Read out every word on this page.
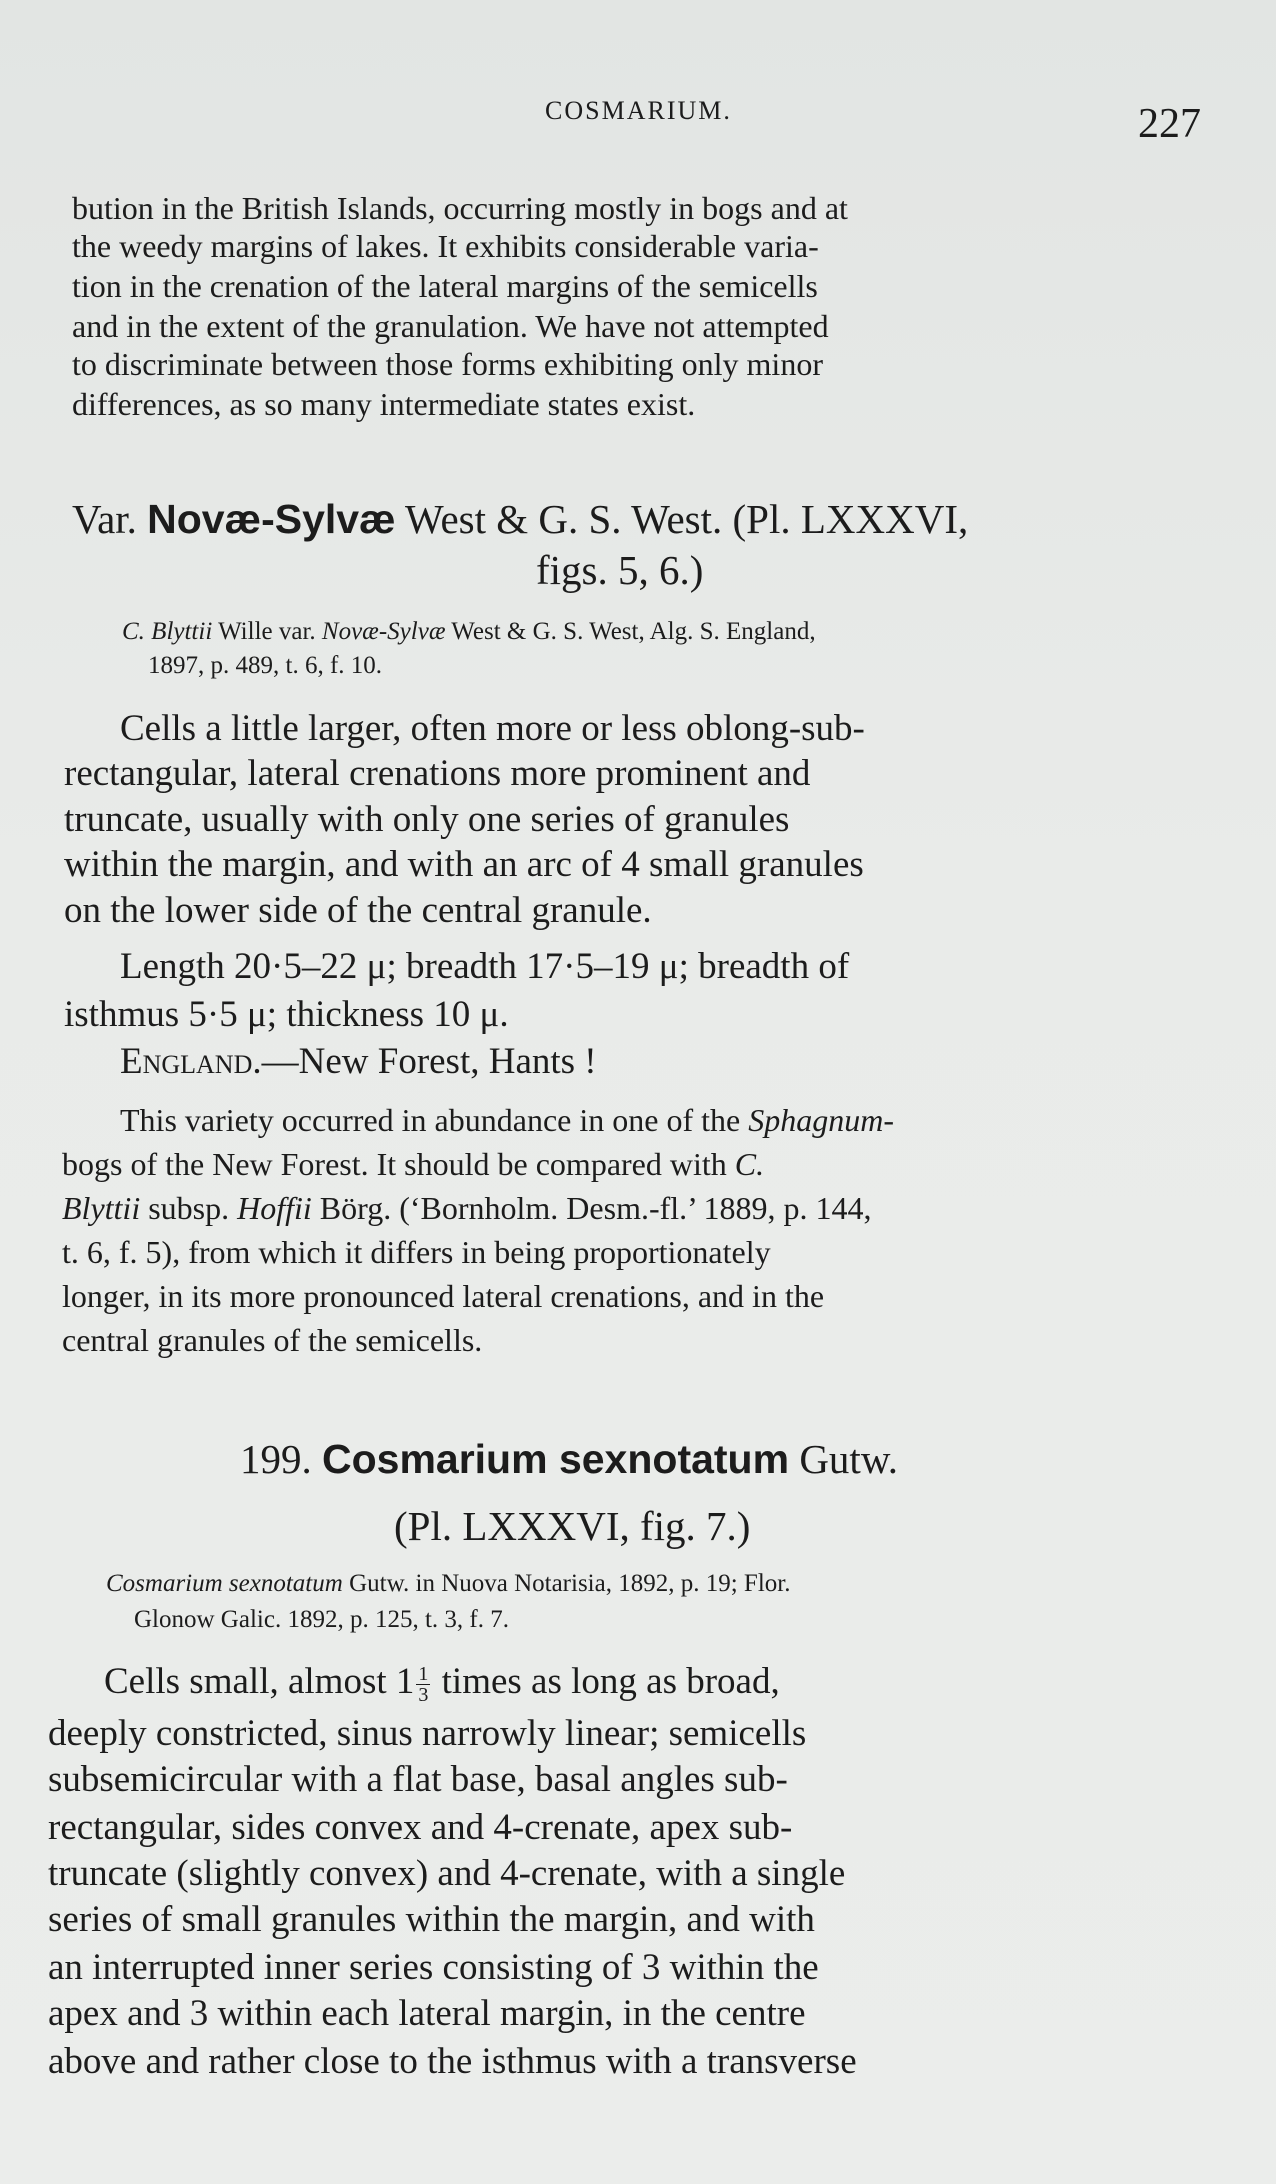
COSMARIUM.	227
bution in the British Islands, occurring mostly in bogs and at
the weedy margins of lakes. It exhibits considerable varia-
tion in the crenation of the lateral margins of the semicells
and in the extent of the granulation. We have not attempted
to discriminate between those forms exhibiting only minor
differences, as so many intermediate states exist.
Var. Novæ-Sylvæ West & G. S. West. (Pl. LXXXVI,
figs. 5, 6.)
C. Blyttii Wille var. Novæ-Sylvæ West & G. S. West, Alg. S. England,
1897, p. 489, t. 6, f. 10.
Cells a little larger, often more or less oblong-sub-
rectangular, lateral crenations more prominent and
truncate, usually with only one series of granules
within the margin, and with an arc of 4 small granules
on the lower side of the central granule.
Length 20·5–22 μ; breadth 17·5–19 μ; breadth of
isthmus 5·5 μ; thickness 10 μ.
England.—New Forest, Hants !
This variety occurred in abundance in one of the Sphagnum-
bogs of the New Forest. It should be compared with C.
Blyttii subsp. Hoffii Börg. (‘Bornholm. Desm.-fl.’ 1889, p. 144,
t. 6, f. 5), from which it differs in being proportionately
longer, in its more pronounced lateral crenations, and in the
central granules of the semicells.
199. Cosmarium sexnotatum Gutw.
(Pl. LXXXVI, fig. 7.)
Cosmarium sexnotatum Gutw. in Nuova Notarisia, 1892, p. 19; Flor.
Glonow Galic. 1892, p. 125, t. 3, f. 7.
Cells small, almost $1 \frac{1}{3}$ times as long as broad,
deeply constricted, sinus narrowly linear; semicells
subsemicircular with a flat base, basal angles sub-
rectangular, sides convex and 4-crenate, apex sub-
truncate (slightly convex) and 4-crenate, with a single
series of small granules within the margin, and with
an interrupted inner series consisting of 3 within the
apex and 3 within each lateral margin, in the centre
above and rather close to the isthmus with a transverse
